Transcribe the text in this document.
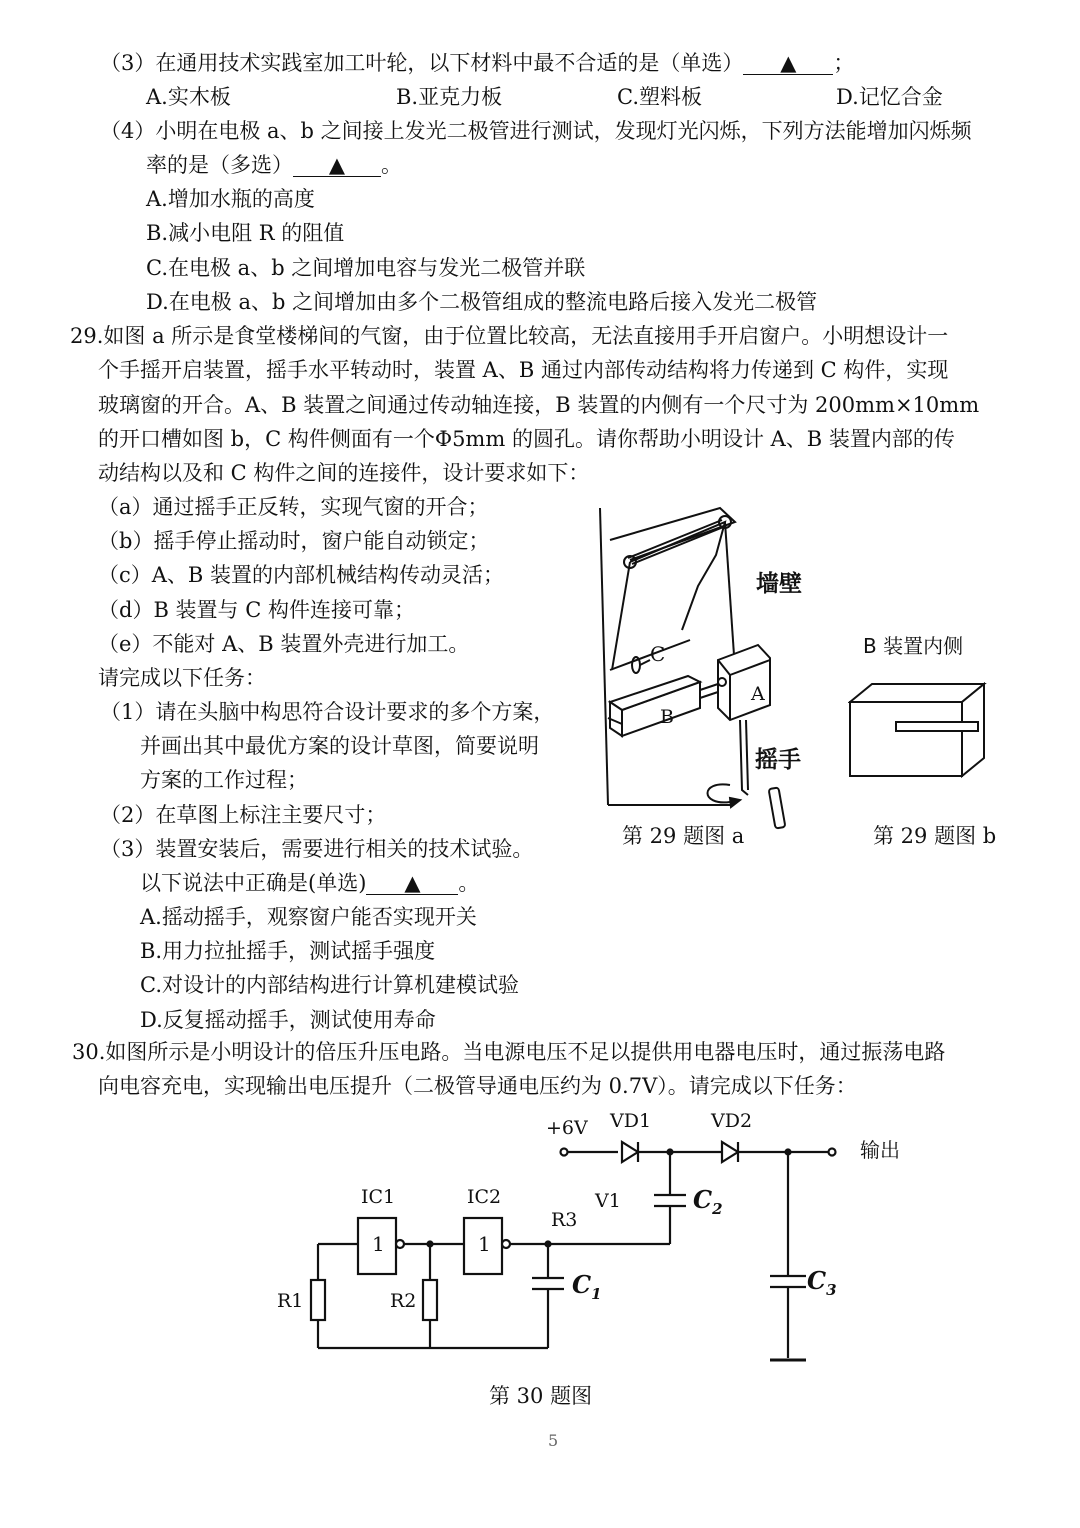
（3）在通用技术实践室加工叶轮，以下材料中最不合适的是（单选） ▲ ；
A.实木板	B.亚克力板	C.塑料板	D.记忆合金
（4）小明在电极 a、b 之间接上发光二极管进行测试，发现灯光闪烁，下列方法能增加闪烁频
率的是（多选） ▲ 。
A.增加水瓶的高度
B.减小电阻 R 的阻值
C.在电极 a、b 之间增加电容与发光二极管并联
D.在电极 a、b 之间增加由多个二极管组成的整流电路后接入发光二极管
29.如图 a 所示是食堂楼梯间的气窗，由于位置比较高，无法直接用手开启窗户。小明想设计一
个手摇开启装置，摇手水平转动时，装置 A、B 通过内部传动结构将力传递到 C 构件，实现
玻璃窗的开合。A、B 装置之间通过传动轴连接，B 装置的内侧有一个尺寸为 200mm×10mm
的开口槽如图 b，C 构件侧面有一个Φ5mm 的圆孔。请你帮助小明设计 A、B 装置内部的传
动结构以及和 C 构件之间的连接件，设计要求如下：
（a）通过摇手正反转，实现气窗的开合；
（b）摇手停止摇动时，窗户能自动锁定；
（c）A、B 装置的内部机械结构传动灵活；
（d）B 装置与 C 构件连接可靠；
（e）不能对 A、B 装置外壳进行加工。
请完成以下任务：
（1）请在头脑中构思符合设计要求的多个方案，
并画出其中最优方案的设计草图，简要说明
方案的工作过程；
（2）在草图上标注主要尺寸；
（3）装置安装后，需要进行相关的技术试验。
以下说法中正确是(单选) ▲ 。
A.摇动摇手，观察窗户能否实现开关
B.用力拉扯摇手，测试摇手强度
C.对设计的内部结构进行计算机建模试验
D.反复摇动摇手，测试使用寿命
墙壁
C
A
B
摇手
第 29 题图 a
B 装置内侧
第 29 题图 b
30.如图所示是小明设计的倍压升压电路。当电源电压不足以提供用电器电压时，通过振荡电路
向电容充电，实现输出电压提升（二极管导通电压约为 0.7V）。请完成以下任务：
+6V VD1	VD2
输出
V1
R3
IC1	IC2
1	1
R1	R2
$C_1$
$C_2$
$C_3$
第 30 题图
5
